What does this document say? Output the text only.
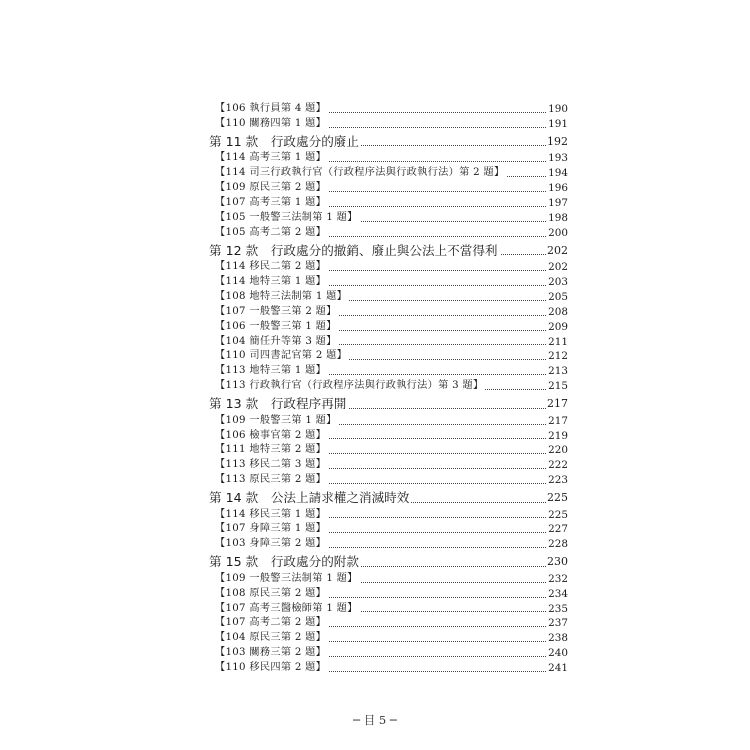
【106 執行員第 4 題】	190
【110 關務四第 1 題】	191
第 11 款　行政處分的廢止	192
【114 高考三第 1 題】	193
【114 司三行政執行官（行政程序法與行政執行法）第 2 題】	194
【109 原民三第 2 題】	196
【107 高考三第 1 題】	197
【105 一般警三法制第 1 題】	198
【105 高考二第 2 題】	200
第 12 款　行政處分的撤銷、廢止與公法上不當得利	202
【114 移民二第 2 題】	202
【114 地特三第 1 題】	203
【108 地特三法制第 1 題】	205
【107 一般警三第 2 題】	208
【106 一般警三第 1 題】	209
【104 簡任升等第 3 題】	211
【110 司四書記官第 2 題】	212
【113 地特三第 1 題】	213
【113 行政執行官（行政程序法與行政執行法）第 3 題】	215
第 13 款　行政程序再開	217
【109 一般警三第 1 題】	217
【106 檢事官第 2 題】	219
【111 地特三第 2 題】	220
【113 移民二第 3 題】	222
【113 原民三第 2 題】	223
第 14 款　公法上請求權之消滅時效	225
【114 移民三第 1 題】	225
【107 身障三第 1 題】	227
【103 身障三第 2 題】	228
第 15 款　行政處分的附款	230
【109 一般警三法制第 1 題】	232
【108 原民三第 2 題】	234
【107 高考三醫檢師第 1 題】	235
【107 高考二第 2 題】	237
【104 原民三第 2 題】	238
【103 關務三第 2 題】	240
【110 移民四第 2 題】	241
─ 目 5 ─
